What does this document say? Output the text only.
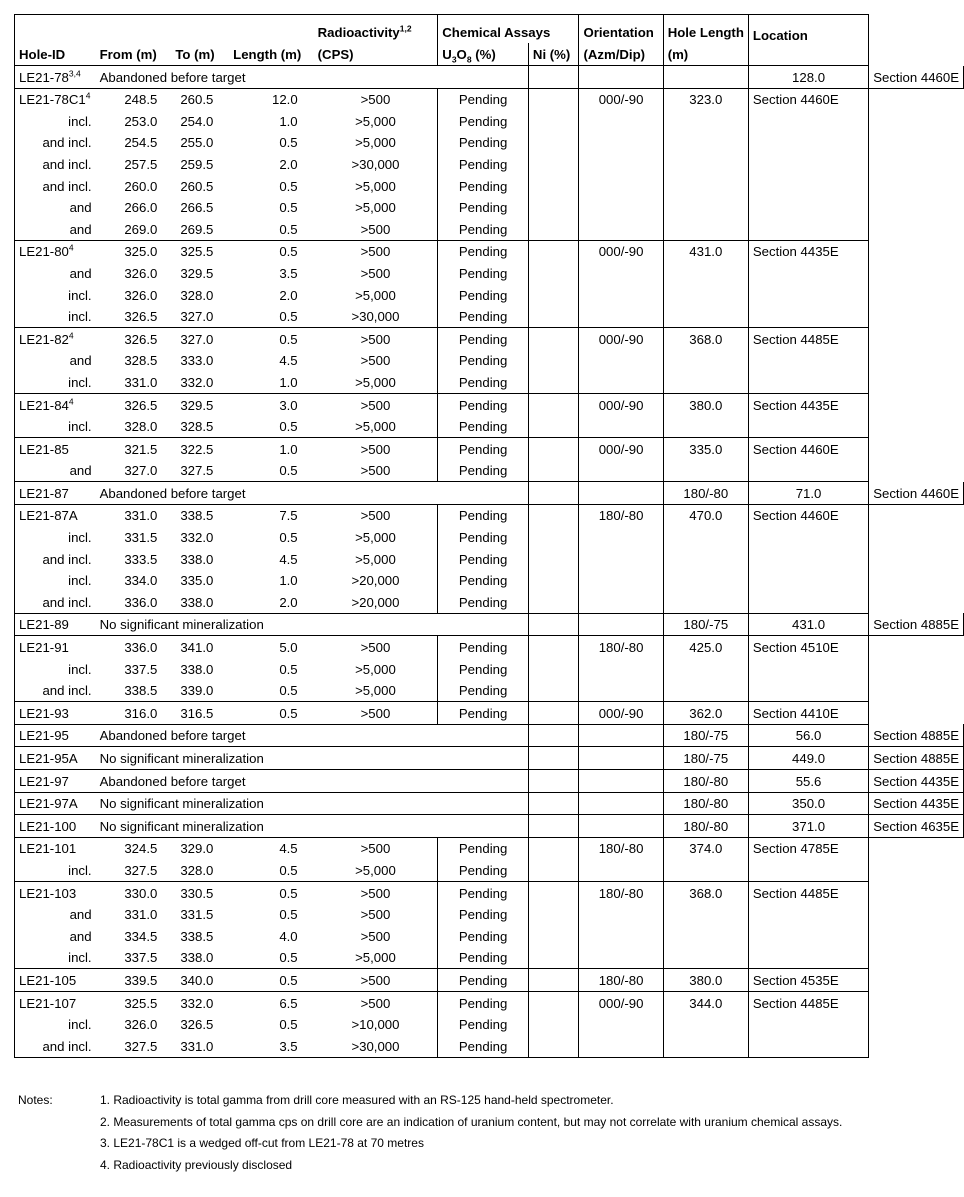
Hole-ID	From (m)	To (m)	Length (m)	Radioactivity$^{1,2}$	Chemical Assays		Orientation	Hole Length	Location	
				(CPS)	$U_3O_8$ (%)	Ni (%)	(Azm/Dip)	(m)		
LE21-78$^{3,4}$	Abandoned before target								128.0	Section 4460E
$LE21-78C1^4$	248.5	260.5	12.0	>500	Pending		000/-90	323.0	Section 4460E	
incl.	253.0	254.0	1.0	>5,000	Pending					
and incl.	254.5	255.0	0.5	>5,000	Pending					
and incl.	257.5	259.5	2.0	>30,000	Pending					
and incl.	260.0	260.5	0.5	>5,000	Pending					
and	266.0	266.5	0.5	>5,000	Pending					
and	269.0	269.5	0.5	>500	Pending					
$LE21-80^4$	325.0	325.5	0.5	>500	Pending		000/-90	431.0	Section 4435E	
and	326.0	329.5	3.5	>500	Pending					
incl.	326.0	328.0	2.0	>5,000	Pending					
incl.	326.5	327.0	0.5	>30,000	Pending					
$LE21-82^4$	326.5	327.0	0.5	>500	Pending		000/-90	368.0	Section 4485E	
and	328.5	333.0	4.5	>500	Pending					
incl.	331.0	332.0	1.0	>5,000	Pending					
$LE21-84^4$	326.5	329.5	3.0	>500	Pending		000/-90	380.0	Section 4435E	
incl.	328.0	328.5	0.5	>5,000	Pending					
LE21-85	321.5	322.5	1.0	>500	Pending		000/-90	335.0	Section 4460E	
and	327.0	327.5	0.5	>500	Pending					
LE21-87	Abandoned before target							180/-80	71.0	Section 4460E
LE21-87A	331.0	338.5	7.5	>500	Pending		180/-80	470.0	Section 4460E	
incl.	331.5	332.0	0.5	>5,000	Pending					
and incl.	333.5	338.0	4.5	>5,000	Pending					
incl.	334.0	335.0	1.0	>20,000	Pending					
and incl.	336.0	338.0	2.0	>20,000	Pending					
LE21-89	No significant mineralization							180/-75	431.0	Section 4885E
LE21-91	336.0	341.0	5.0	>500	Pending		180/-80	425.0	Section 4510E	
incl.	337.5	338.0	0.5	>5,000	Pending					
and incl.	338.5	339.0	0.5	>5,000	Pending					
LE21-93	316.0	316.5	0.5	>500	Pending		000/-90	362.0	Section 4410E	
LE21-95	Abandoned before target							180/-75	56.0	Section 4885E
LE21-95A	No significant mineralization							180/-75	449.0	Section 4885E
LE21-97	Abandoned before target							180/-80	55.6	Section 4435E
LE21-97A	No significant mineralization							180/-80	350.0	Section 4435E
LE21-100	No significant mineralization							180/-80	371.0	Section 4635E
LE21-101	324.5	329.0	4.5	>500	Pending		180/-80	374.0	Section 4785E	
incl.	327.5	328.0	0.5	>5,000	Pending					
LE21-103	330.0	330.5	0.5	>500	Pending		180/-80	368.0	Section 4485E	
and	331.0	331.5	0.5	>500	Pending					
and	334.5	338.5	4.0	>500	Pending					
incl.	337.5	338.0	0.5	>5,000	Pending					
LE21-105	339.5	340.0	0.5	>500	Pending		180/-80	380.0	Section 4535E	
LE21-107	325.5	332.0	6.5	>500	Pending		000/-90	344.0	Section 4485E	
incl.	326.0	326.5	0.5	>10,000	Pending					
and incl.	327.5	331.0	3.5	>30,000	Pending					
Notes:	1. Radioactivity is total gamma from drill core measured with an RS-125 hand-held spectrometer.
2. Measurements of total gamma cps on drill core are an indication of uranium content, but may not correlate with uranium chemical assays.
3. LE21-78C1 is a wedged off-cut from LE21-78 at 70 metres
4. Radioactivity previously disclosed
